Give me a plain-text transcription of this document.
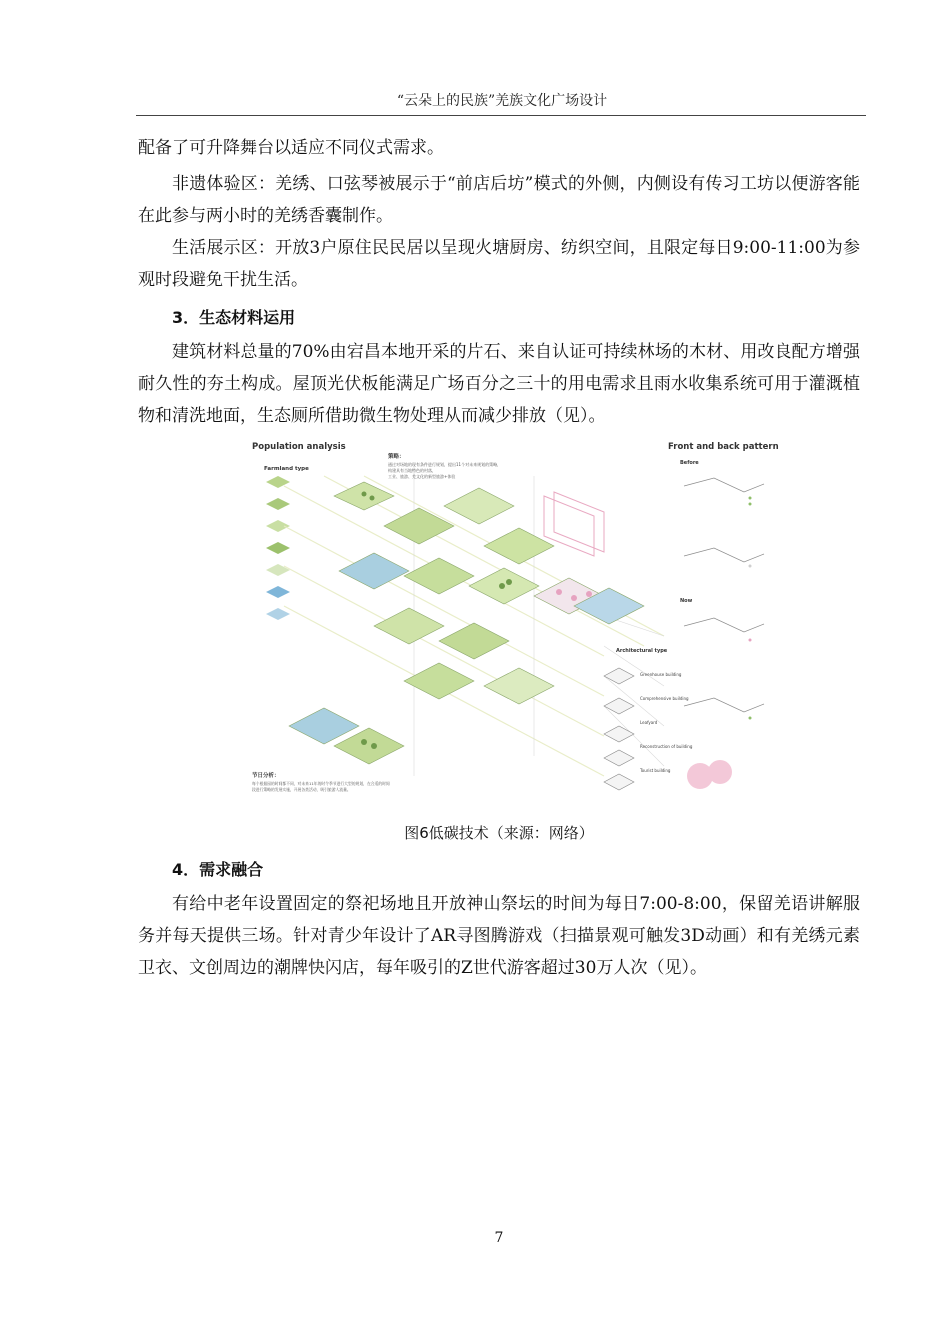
“云朵上的民族”羌族文化广场设计
配备了可升降舞台以适应不同仪式需求。
非遗体验区：羌绣、口弦琴被展示于“前店后坊”模式的外侧，内侧设有传习工坊以便游客能在此参与两小时的羌绣香囊制作。
生活展示区：开放3户原住民民居以呈现火塘厨房、纺织空间，且限定每日9:00-11:00为参观时段避免干扰生活。
3．生态材料运用
建筑材料总量的70%由宕昌本地开采的片石、来自认证可持续林场的木材、用改良配方增强耐久性的夯土构成。屋顶光伏板能满足广场百分之三十的用电需求且雨水收集系统可用于灌溉植物和清洗地面，生态厕所借助微生物处理从而减少排放（见）。
Population analysis	Front and back pattern
Farmland type
策略：
通过对场地的现有条件进行规划，提出11个对未来规划的策略，
构建具有当地特色的村落，
工业、旅游、羌文化的新型旅游+体验
Architectural type
Greenhouse building
Comprehensive building
Leafyard
Reconstruction of building
Tourist building
Before
Now
节日分析：
每个根据园的时间都不同，对未来11年的时令季节进行大型的规划，在合适的时间
段进行策略的发展实施，开展各类活动，吸引旅游人流量。
图6低碳技术（来源：网络）
4．需求融合
有给中老年设置固定的祭祀场地且开放神山祭坛的时间为每日7:00-8:00，保留羌语讲解服务并每天提供三场。针对青少年设计了AR寻图腾游戏（扫描景观可触发3D动画）和有羌绣元素卫衣、文创周边的潮牌快闪店，每年吸引的Z世代游客超过30万人次（见）。
7
